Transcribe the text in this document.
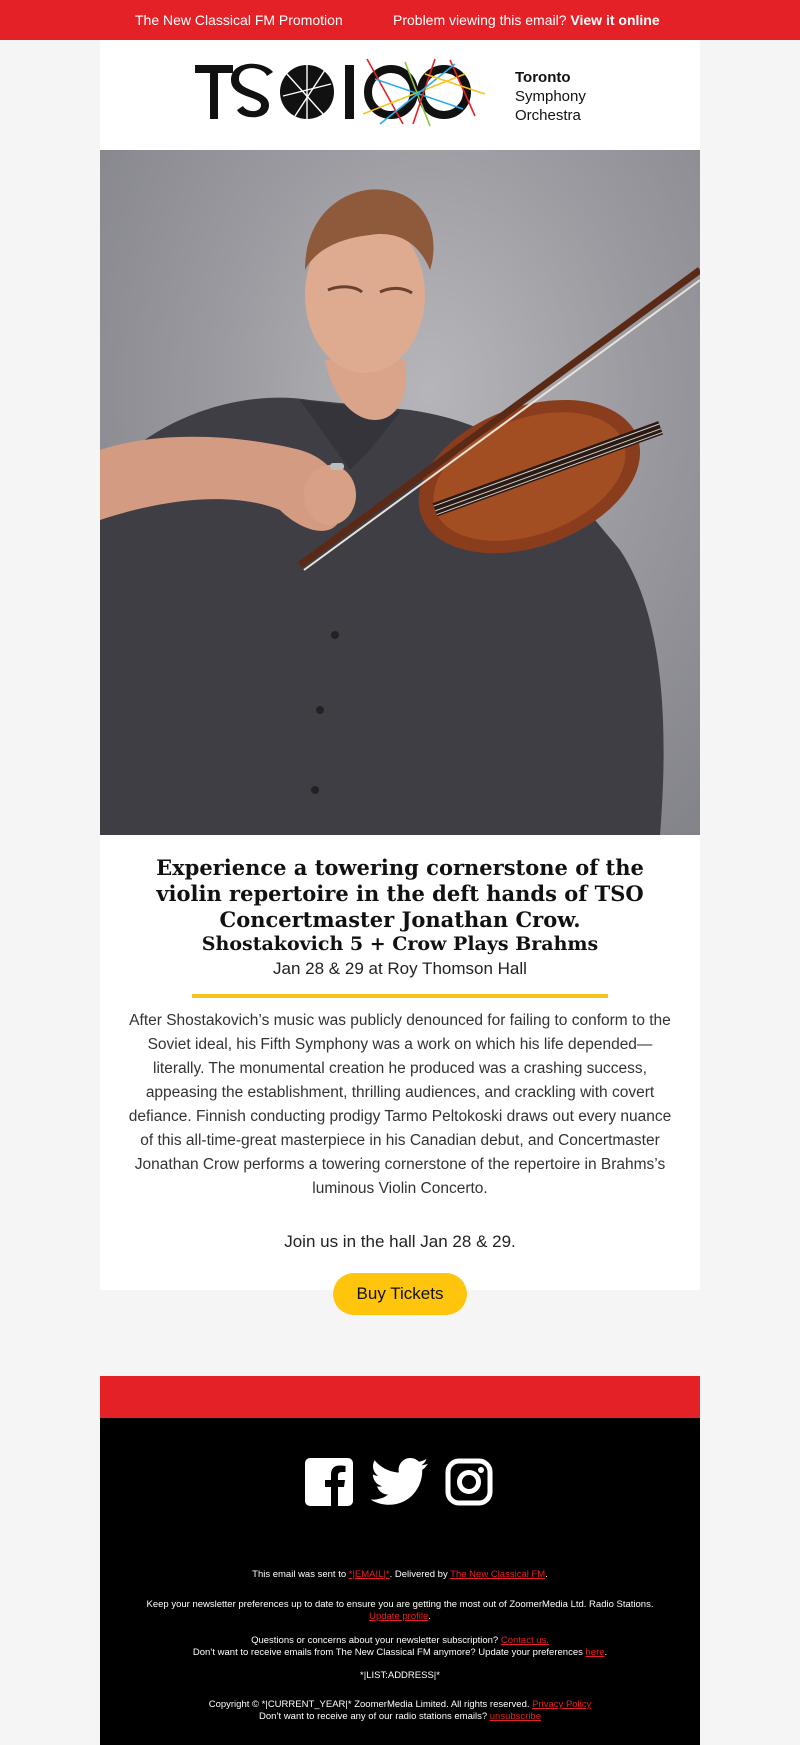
The New Classical FM Promotion	Problem viewing this email? View it online
Toronto
Symphony
Orchestra
Experience a towering cornerstone of the violin repertoire in the deft hands of TSO Concertmaster Jonathan Crow.
Shostakovich 5 + Crow Plays Brahms
Jan 28 & 29 at Roy Thomson Hall
After Shostakovich’s music was publicly denounced for failing to conform to the Soviet ideal, his Fifth Symphony was a work on which his life depended—literally. The monumental creation he produced was a crashing success, appeasing the establishment, thrilling audiences, and crackling with covert defiance. Finnish conducting prodigy Tarmo Peltokoski draws out every nuance of this all-time-great masterpiece in his Canadian debut, and Concertmaster Jonathan Crow performs a towering cornerstone of the repertoire in Brahms’s luminous Violin Concerto.
Join us in the hall Jan 28 & 29.
Buy Tickets
This email was sent to *|EMAIL|*. Delivered by The New Classical FM.
Keep your newsletter preferences up to date to ensure you are getting the most out of ZoomerMedia Ltd. Radio Stations.
Update profile.
Questions or concerns about your newsletter subscription? Contact us.
Don’t want to receive emails from The New Classical FM anymore? Update your preferences here.
*|LIST:ADDRESS|*
Copyright © *|CURRENT_YEAR|* ZoomerMedia Limited. All rights reserved. Privacy Policy
Don’t want to receive any of our radio stations emails? unsubscribe
